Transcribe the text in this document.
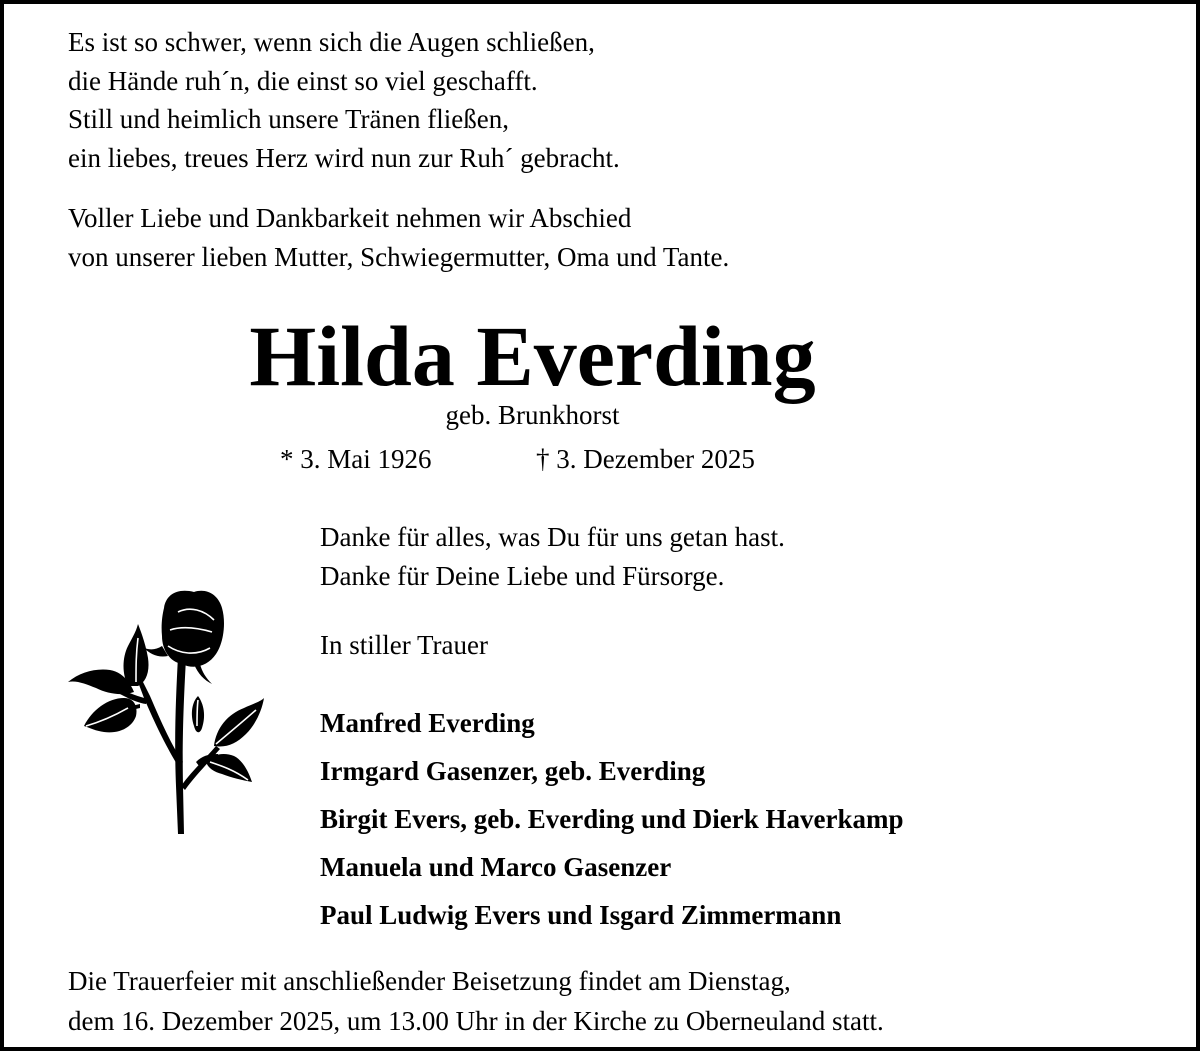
Es ist so schwer, wenn sich die Augen schließen,
die Hände ruh´n, die einst so viel geschafft.
Still und heimlich unsere Tränen fließen,
ein liebes, treues Herz wird nun zur Ruh´ gebracht.
Voller Liebe und Dankbarkeit nehmen wir Abschied
von unserer lieben Mutter, Schwiegermutter, Oma und Tante.
Hilda Everding
geb. Brunkhorst
* 3. Mai 1926	† 3. Dezember 2025
Danke für alles, was Du für uns getan hast.
Danke für Deine Liebe und Fürsorge.
In stiller Trauer
Manfred Everding
Irmgard Gasenzer, geb. Everding
Birgit Evers, geb. Everding und Dierk Haverkamp
Manuela und Marco Gasenzer
Paul Ludwig Evers und Isgard Zimmermann
Die Trauerfeier mit anschließender Beisetzung findet am Dienstag,
dem 16. Dezember 2025, um 13.00 Uhr in der Kirche zu Oberneuland statt.
